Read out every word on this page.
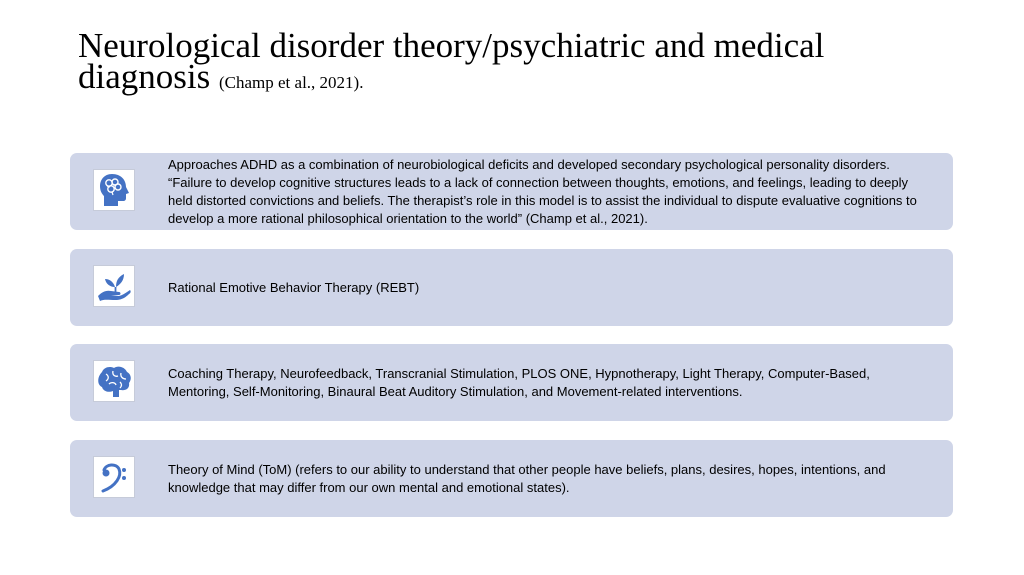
Neurological disorder theory/psychiatric and medical diagnosis (Champ et al., 2021).
Approaches ADHD as a combination of neurobiological deficits and developed secondary psychological personality disorders. “Failure to develop cognitive structures leads to a lack of connection between thoughts, emotions, and feelings, leading to deeply held distorted convictions and beliefs. The therapist’s role in this model is to assist the individual to dispute evaluative cognitions to develop a more rational philosophical orientation to the world” (Champ et al., 2021).
Rational Emotive Behavior Therapy (REBT)
Coaching Therapy, Neurofeedback, Transcranial Stimulation, PLOS ONE, Hypnotherapy, Light Therapy, Computer-Based, Mentoring, Self-Monitoring, Binaural Beat Auditory Stimulation, and Movement-related interventions.
Theory of Mind (ToM) (refers to our ability to understand that other people have beliefs, plans, desires, hopes, intentions, and knowledge that may differ from our own mental and emotional states).
